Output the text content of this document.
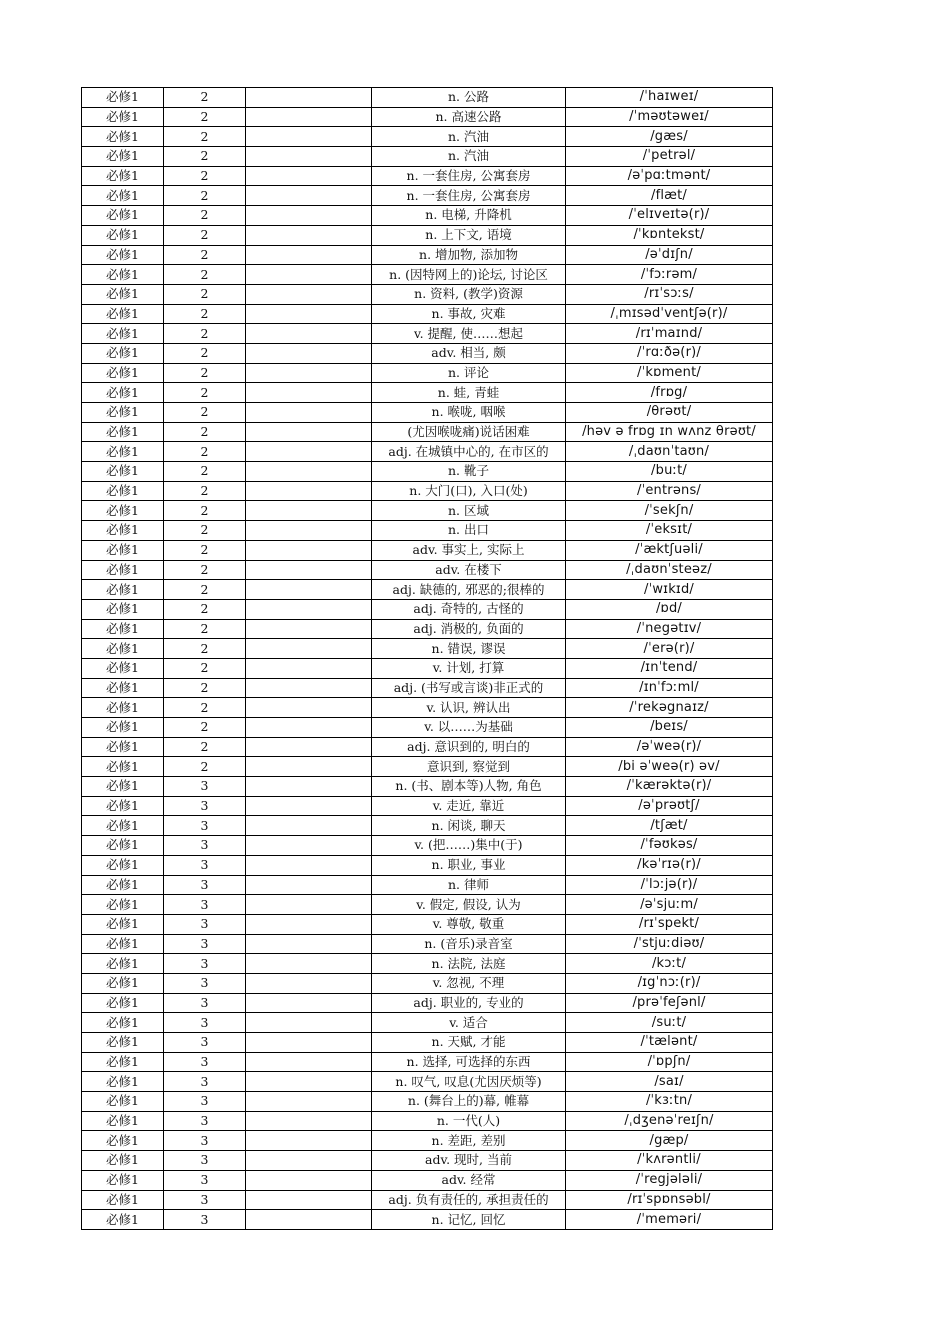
必修1	2		n. 公路	/ˈhaɪweɪ/
必修1	2		n. 高速公路	/ˈməʊtəweɪ/
必修1	2		n. 汽油	/gæs/
必修1	2		n. 汽油	/ˈpetrəl/
必修1	2		n. 一套住房, 公寓套房	/əˈpɑːtmənt/
必修1	2		n. 一套住房, 公寓套房	/flæt/
必修1	2		n. 电梯, 升降机	/ˈelɪveɪtə(r)/
必修1	2		n. 上下文, 语境	/ˈkɒntekst/
必修1	2		n. 增加物, 添加物	/əˈdɪʃn/
必修1	2		n. (因特网上的)论坛, 讨论区	/ˈfɔːrəm/
必修1	2		n. 资料, (教学)资源	/rɪˈsɔːs/
必修1	2		n. 事故, 灾难	/ˌmɪsədˈventʃə(r)/
必修1	2		v. 提醒, 使……想起	/rɪˈmaɪnd/
必修1	2		adv. 相当, 颇	/ˈrɑːðə(r)/
必修1	2		n. 评论	/ˈkɒment/
必修1	2		n. 蛙, 青蛙	/frɒg/
必修1	2		n. 喉咙, 咽喉	/θrəʊt/
必修1	2		(尤因喉咙痛)说话困难	/həv ə frɒg ɪn wʌnz θrəʊt/
必修1	2		adj. 在城镇中心的, 在市区的	/ˌdaʊnˈtaʊn/
必修1	2		n. 靴子	/buːt/
必修1	2		n. 大门(口), 入口(处)	/ˈentrəns/
必修1	2		n. 区域	/ˈsekʃn/
必修1	2		n. 出口	/ˈeksɪt/
必修1	2		adv. 事实上, 实际上	/ˈæktʃuəli/
必修1	2		adv. 在楼下	/ˌdaʊnˈsteəz/
必修1	2		adj. 缺德的, 邪恶的;很棒的	/ˈwɪkɪd/
必修1	2		adj. 奇特的, 古怪的	/ɒd/
必修1	2		adj. 消极的, 负面的	/ˈnegətɪv/
必修1	2		n. 错误, 谬误	/ˈerə(r)/
必修1	2		v. 计划, 打算	/ɪnˈtend/
必修1	2		adj. (书写或言谈)非正式的	/ɪnˈfɔːml/
必修1	2		v. 认识, 辨认出	/ˈrekəgnaɪz/
必修1	2		v. 以……为基础	/beɪs/
必修1	2		adj. 意识到的, 明白的	/əˈweə(r)/
必修1	2		意识到, 察觉到	/bi əˈweə(r) əv/
必修1	3		n. (书、剧本等)人物, 角色	/ˈkærəktə(r)/
必修1	3		v. 走近, 靠近	/əˈprəʊtʃ/
必修1	3		n. 闲谈, 聊天	/tʃæt/
必修1	3		v. (把……)集中(于)	/ˈfəʊkəs/
必修1	3		n. 职业, 事业	/kəˈrɪə(r)/
必修1	3		n. 律师	/ˈlɔːjə(r)/
必修1	3		v. 假定, 假设, 认为	/əˈsjuːm/
必修1	3		v. 尊敬, 敬重	/rɪˈspekt/
必修1	3		n. (音乐)录音室	/ˈstjuːdiəʊ/
必修1	3		n. 法院, 法庭	/kɔːt/
必修1	3		v. 忽视, 不理	/ɪgˈnɔː(r)/
必修1	3		adj. 职业的, 专业的	/prəˈfeʃənl/
必修1	3		v. 适合	/suːt/
必修1	3		n. 天赋, 才能	/ˈtælənt/
必修1	3		n. 选择, 可选择的东西	/ˈɒpʃn/
必修1	3		n. 叹气, 叹息(尤因厌烦等)	/saɪ/
必修1	3		n. (舞台上的)幕, 帷幕	/ˈkɜːtn/
必修1	3		n. 一代(人)	/ˌdʒenəˈreɪʃn/
必修1	3		n. 差距, 差别	/gæp/
必修1	3		adv. 现时, 当前	/ˈkʌrəntli/
必修1	3		adv. 经常	/ˈregjələli/
必修1	3		adj. 负有责任的, 承担责任的	/rɪˈspɒnsəbl/
必修1	3		n. 记忆, 回忆	/ˈmeməri/
